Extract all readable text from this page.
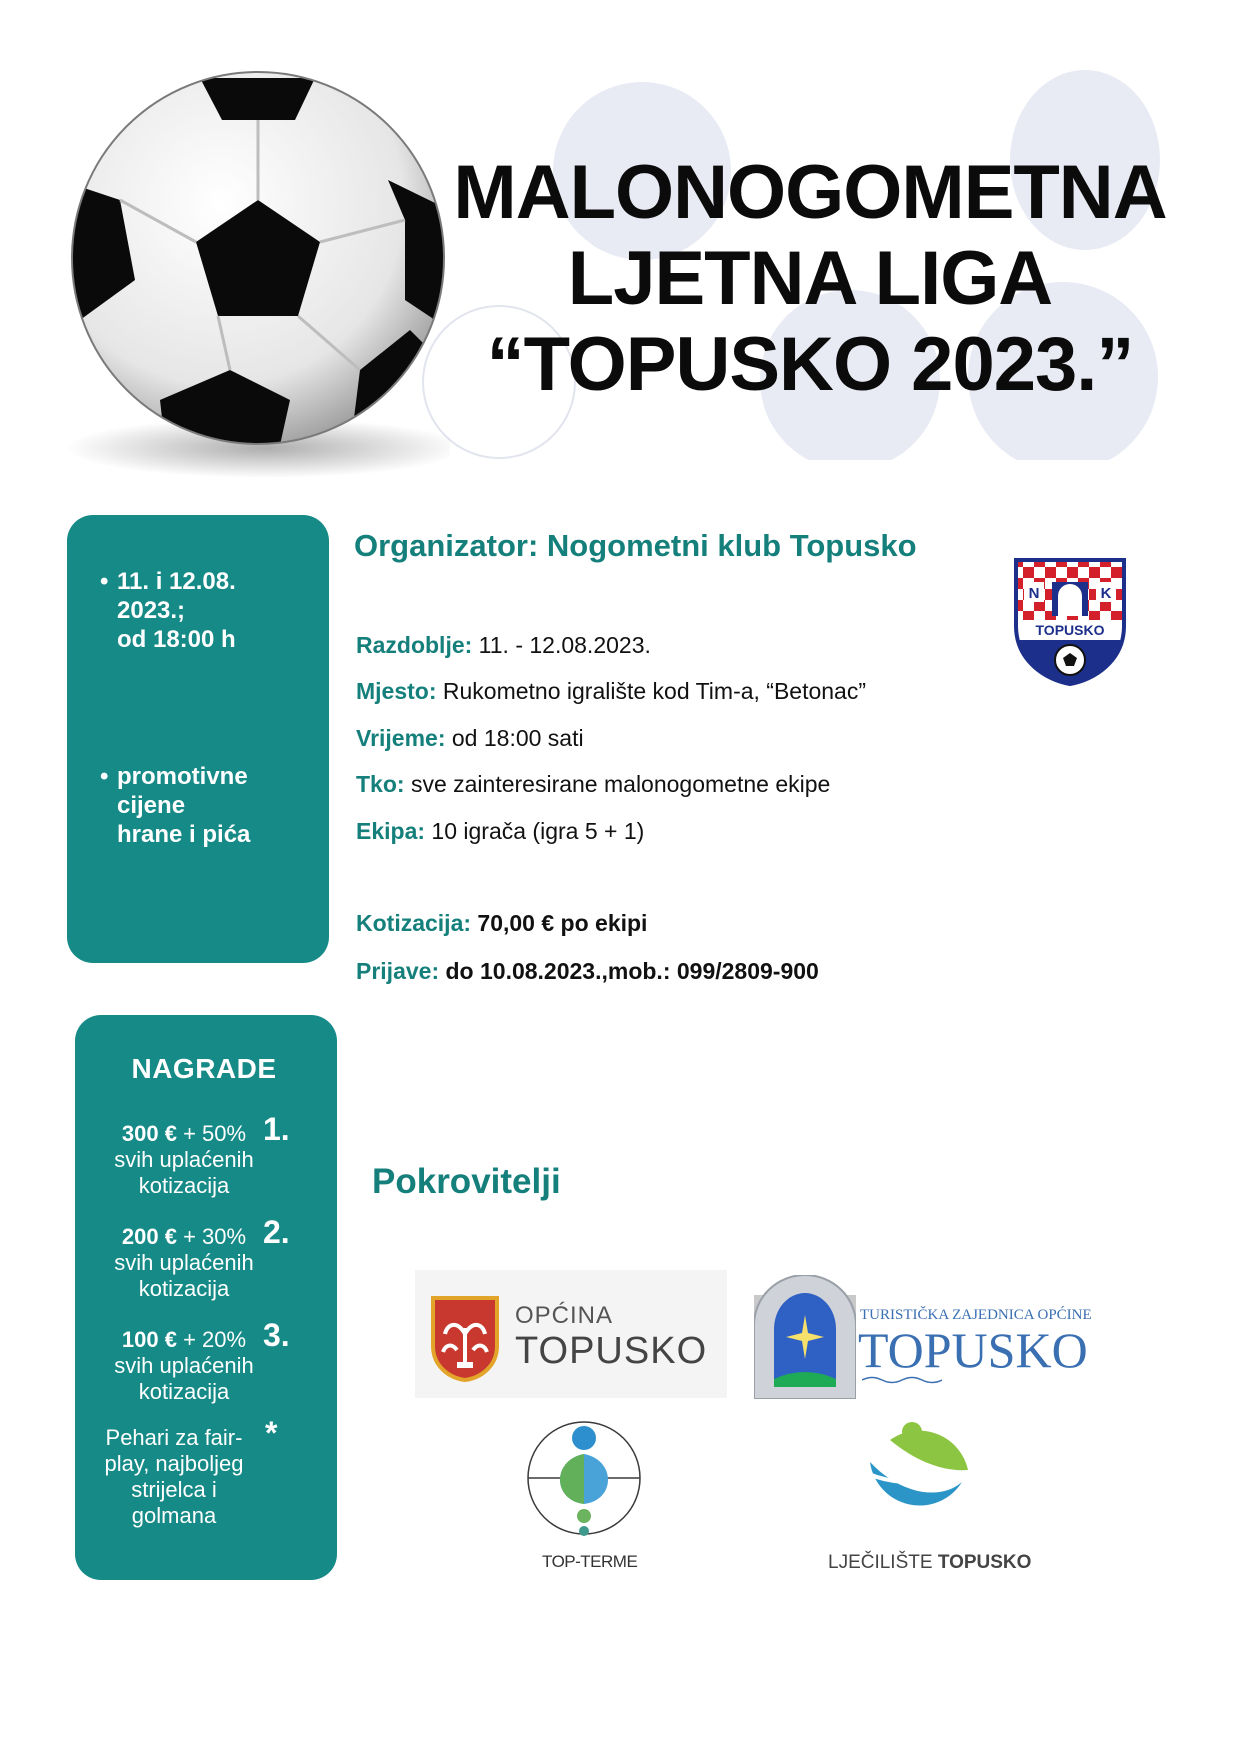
MALONOGOMETNA
LJETNA LIGA
“TOPUSKO 2023.”
• 11. i 12.08.
2023.;
od 18:00 h
• promotivne
cijene
hrane i pića
Organizator: Nogometni klub Topusko
N	K
TOPUSKO
Razdoblje: 11. - 12.08.2023.
Mjesto: Rukometno igralište kod Tim-a, “Betonac”
Vrijeme: od 18:00 sati
Tko: sve zainteresirane malonogometne ekipe
Ekipa: 10 igrača (igra 5 + 1)
Kotizacija: 70,00 € po ekipi
Prijave: do 10.08.2023.,mob.: 099/2809-900
NAGRADE
300 € + 50%
svih uplaćenih
kotizacija
1.
200 € + 30%
svih uplaćenih
kotizacija
2.
100 € + 20%
svih uplaćenih
kotizacija
3.
Pehari za fair-
play, najboljeg
strijelca i
golmana
*
Pokrovitelji
OPĆINA
TOPUSKO
TURISTIČKA ZAJEDNICA OPĆINE
TOPUSKO
TOP-TERME	LJEČILIŠTE TOPUSKO
